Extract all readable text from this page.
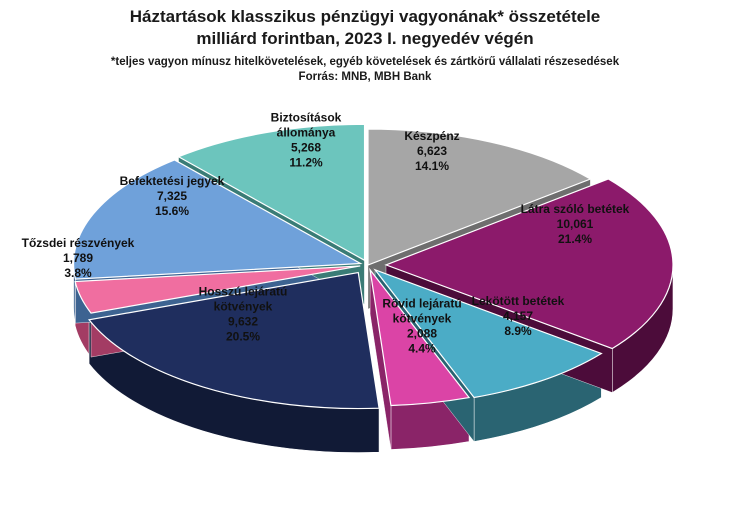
Háztartások klasszikus pénzügyi vagyonának* összetétele
milliárd forintban, 2023 I. negyedév végén
*teljes vagyon mínusz hitelkövetelések, egyéb követelések és zártkörű vállalati részesedések
Forrás: MNB, MBH Bank
Készpénz 6,623 14.1%
Látra szóló betétek 10,061 21.4%
Lekötött betétek 4,157 8.9%
Rövid lejáratú kötvények 2,088 4.4%
Hosszú lejáratú kötvények 9,632 20.5%
Tőzsdei részvények 1,789 3.8%
Befektetési jegyek 7,325 15.6%
Biztosítások állománya 5,268 11.2%
